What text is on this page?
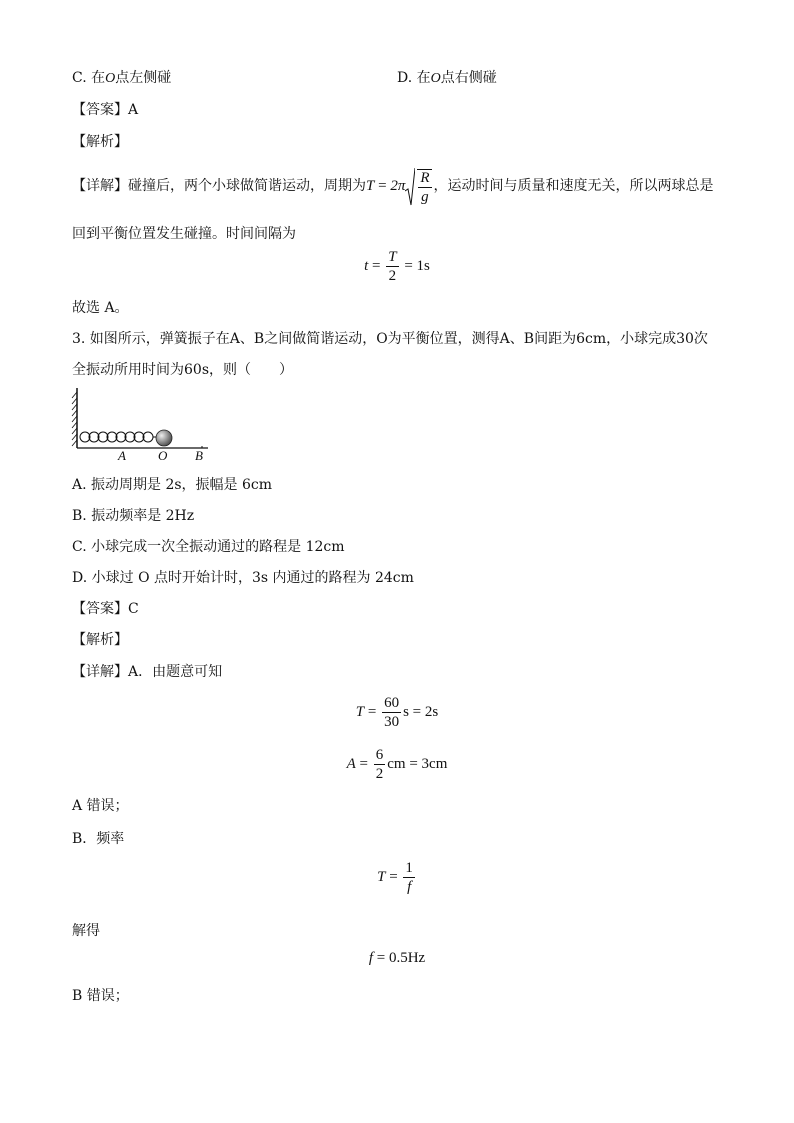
C. 在O点左侧碰	D. 在O点右侧碰
【答案】A
【解析】
【详解】碰撞后，两个小球做简谐运动，周期为$T = 2\pi \frac{R}{g}$ ，运动时间与质量和速度无关，所以两球总是
回到平衡位置发生碰撞。时间间隔为
$t = \frac{T}{2} = 1s$
故选 A。
3. 如图所示，弹簧振子在A、B之间做简谐运动，O为平衡位置，测得A、B间距为6cm，小球完成30次
全振动所用时间为60s，则（　　）
A O B
A. 振动周期是 2s，振幅是 6cm
B. 振动频率是 2Hz
C. 小球完成一次全振动通过的路程是 12cm
D. 小球过 O 点时开始计时，3s 内通过的路程为 24cm
【答案】C
【解析】
【详解】A．由题意可知
$T = \frac{60}{30}$ s = 2s
$A = \frac{6}{2}$ cm = 3cm
A 错误；
B．频率
$T = \frac{1}{f}$
解得
f = 0.5Hz
B 错误；
